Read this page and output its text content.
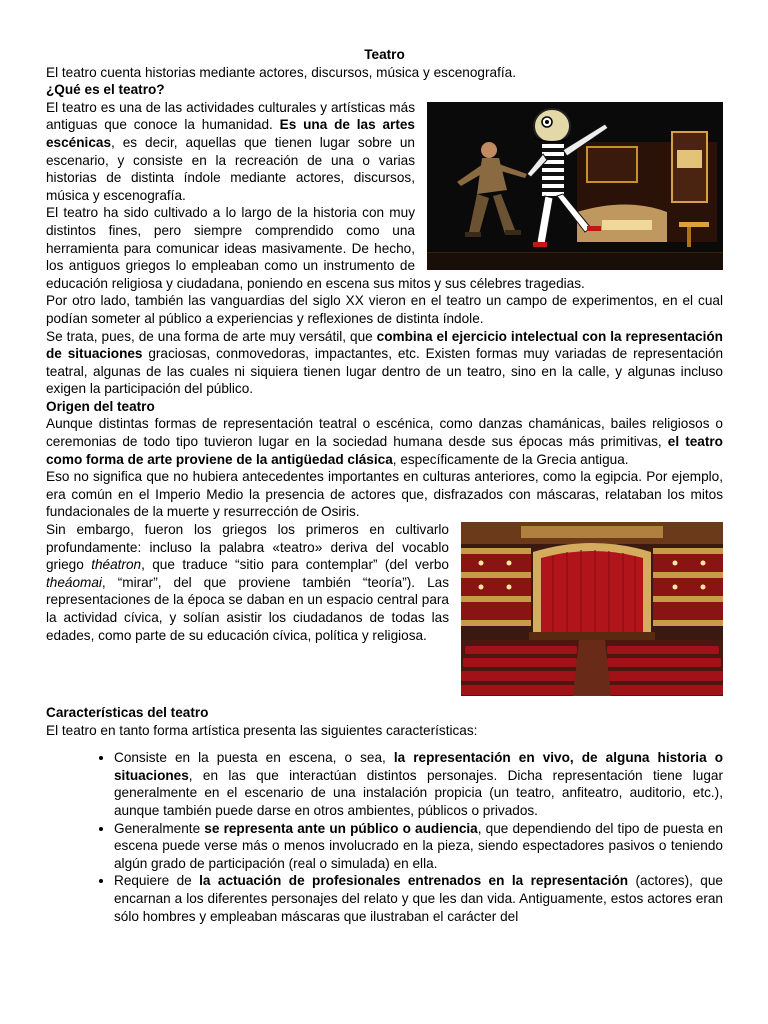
Teatro

El teatro cuenta historias mediante actores, discursos, música y escenografía.

¿Qué es el teatro?

El teatro es una de las actividades culturales y artísticas más antiguas que conoce la humanidad. Es una de las artes escénicas, es decir, aquellas que tienen lugar sobre un escenario, y consiste en la recreación de una o varias historias de distinta índole mediante actores, discursos, música y escenografía.

El teatro ha sido cultivado a lo largo de la historia con muy distintos fines, pero siempre comprendido como una herramienta para comunicar ideas masivamente. De hecho, los antiguos griegos lo empleaban como un instrumento de educación religiosa y ciudadana, poniendo en escena sus mitos y sus célebres tragedias.

Por otro lado, también las vanguardias del siglo XX vieron en el teatro un campo de experimentos, en el cual podían someter al público a experiencias y reflexiones de distinta índole.

Se trata, pues, de una forma de arte muy versátil, que combina el ejercicio intelectual con la representación de situaciones graciosas, conmovedoras, impactantes, etc. Existen formas muy variadas de representación teatral, algunas de las cuales ni siquiera tienen lugar dentro de un teatro, sino en la calle, y algunas incluso exigen la participación del público.

Origen del teatro

Aunque distintas formas de representación teatral o escénica, como danzas chamánicas, bailes religiosos o ceremonias de todo tipo tuvieron lugar en la sociedad humana desde sus épocas más primitivas, el teatro como forma de arte proviene de la antigüedad clásica, específicamente de la Grecia antigua.

Eso no significa que no hubiera antecedentes importantes en culturas anteriores, como la egipcia. Por ejemplo, era común en el Imperio Medio la presencia de actores que, disfrazados con máscaras, relataban los mitos fundacionales de la muerte y resurrección de Osiris.

Sin embargo, fueron los griegos los primeros en cultivarlo profundamente: incluso la palabra «teatro» deriva del vocablo griego théatron, que traduce “sitio para contemplar” (del verbo theáomai, “mirar”, del que proviene también “teoría”). Las representaciones de la época se daban en un espacio central para la actividad cívica, y solían asistir los ciudadanos de todas las edades, como parte de su educación cívica, política y religiosa.

Características del teatro

El teatro en tanto forma artística presenta las siguientes características:

• Consiste en la puesta en escena, o sea, la representación en vivo, de alguna historia o situaciones, en las que interactúan distintos personajes. Dicha representación tiene lugar generalmente en el escenario de una instalación propicia (un teatro, anfiteatro, auditorio, etc.), aunque también puede darse en otros ambientes, públicos o privados.
• Generalmente se representa ante un público o audiencia, que dependiendo del tipo de puesta en escena puede verse más o menos involucrado en la pieza, siendo espectadores pasivos o teniendo algún grado de participación (real o simulada) en ella.
• Requiere de la actuación de profesionales entrenados en la representación (actores), que encarnan a los diferentes personajes del relato y que les dan vida. Antiguamente, estos actores eran sólo hombres y empleaban máscaras que ilustraban el carácter del
